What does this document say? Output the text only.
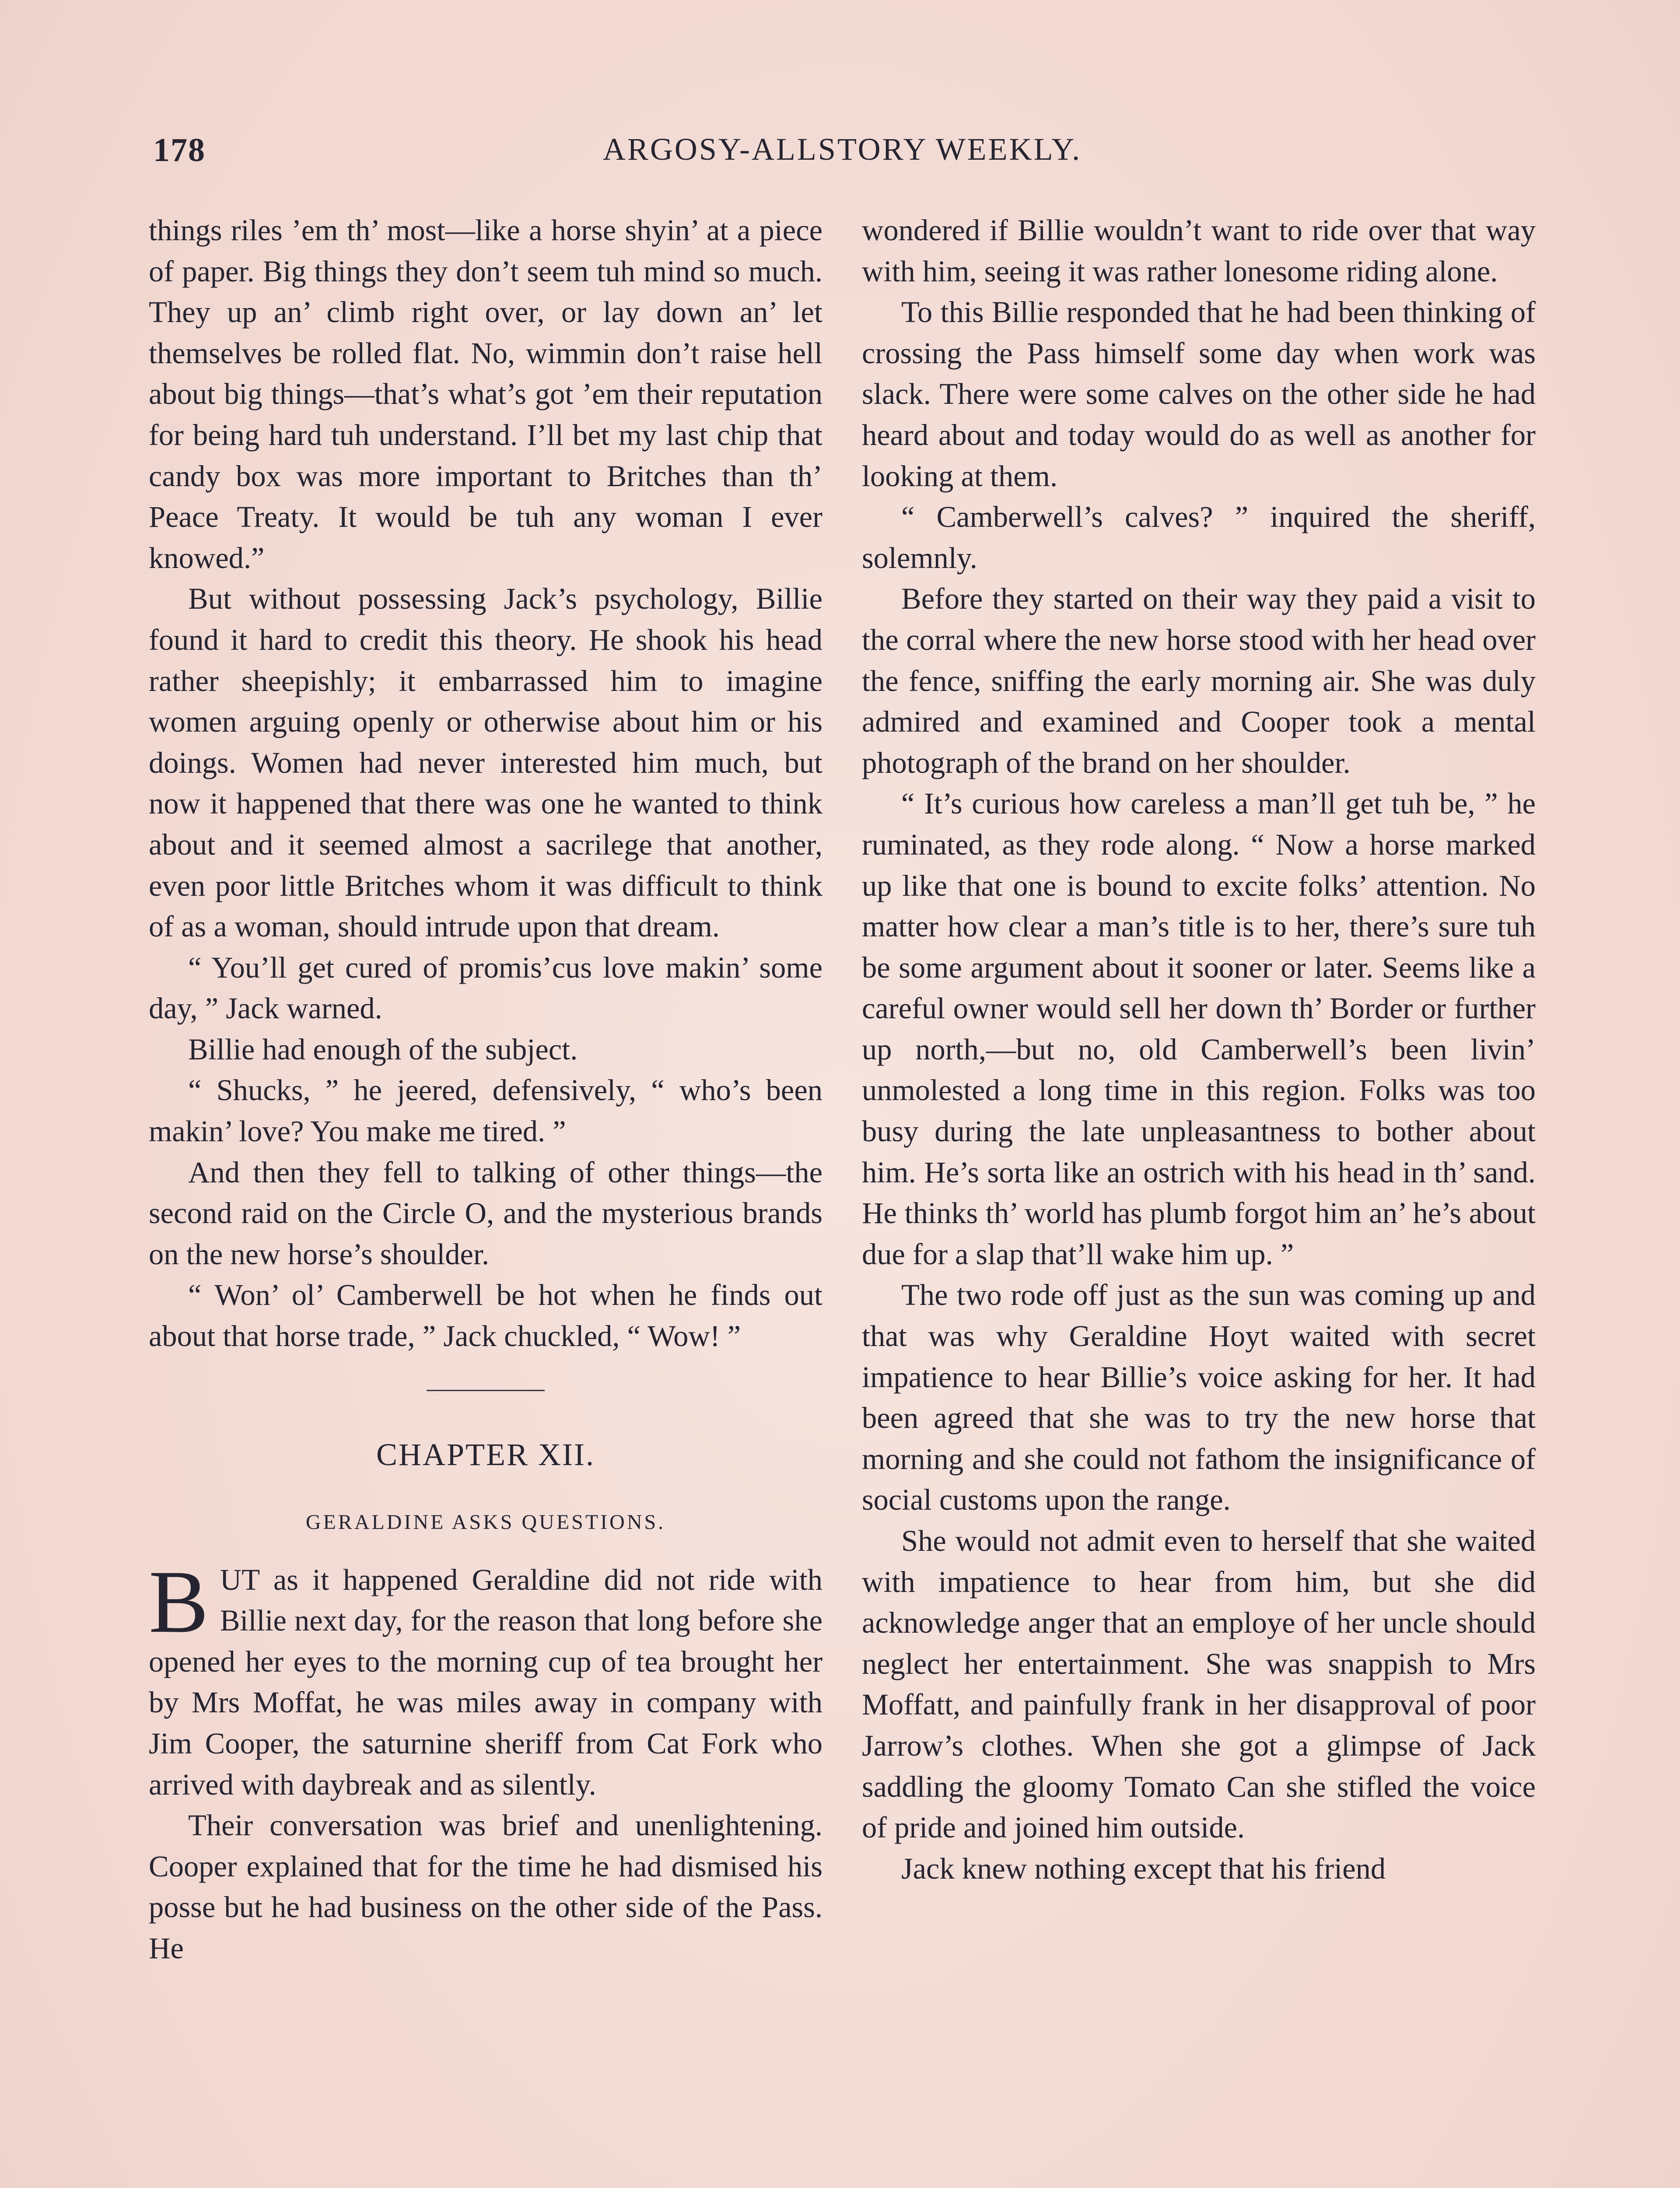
178	ARGOSY-ALLSTORY WEEKLY.

things riles ’em th’ most—like a horse shyin’ at a piece of paper. Big things they don’t seem tuh mind so much. They up an’ climb right over, or lay down an’ let themselves be rolled flat. No, wimmin don’t raise hell about big things—that’s what’s got ’em their reputation for being hard tuh understand. I’ll bet my last chip that candy box was more important to Britches than th’ Peace Treaty. It would be tuh any woman I ever knowed.”

But without possessing Jack’s psychology, Billie found it hard to credit this theory. He shook his head rather sheepishly; it embarrassed him to imagine women arguing openly or otherwise about him or his doings. Women had never interested him much, but now it happened that there was one he wanted to think about and it seemed almost a sacrilege that another, even poor little Britches whom it was difficult to think of as a woman, should intrude upon that dream.

“ You’ll get cured of promis’cus love makin’ some day, ” Jack warned.

Billie had enough of the subject.

“ Shucks, ” he jeered, defensively, “ who’s been makin’ love? You make me tired. ”

And then they fell to talking of other things—the second raid on the Circle O, and the mysterious brands on the new horse’s shoulder.

“ Won’ ol’ Camberwell be hot when he finds out about that horse trade, ” Jack chuckled, “ Wow! ”

CHAPTER XII.
GERALDINE ASKS QUESTIONS.

BUT as it happened Geraldine did not ride with Billie next day, for the reason that long before she opened her eyes to the morning cup of tea brought her by Mrs Moffat, he was miles away in company with Jim Cooper, the saturnine sheriff from Cat Fork who arrived with daybreak and as silently.

Their conversation was brief and unenlightening. Cooper explained that for the time he had dismised his posse but he had business on the other side of the Pass. He

wondered if Billie wouldn’t want to ride over that way with him, seeing it was rather lonesome riding alone.

To this Billie responded that he had been thinking of crossing the Pass himself some day when work was slack. There were some calves on the other side he had heard about and today would do as well as another for looking at them.

“ Camberwell’s calves? ” inquired the sheriff, solemnly.

Before they started on their way they paid a visit to the corral where the new horse stood with her head over the fence, sniffing the early morning air. She was duly admired and examined and Cooper took a mental photograph of the brand on her shoulder.

“ It’s curious how careless a man’ll get tuh be, ” he ruminated, as they rode along. “ Now a horse marked up like that one is bound to excite folks’ attention. No matter how clear a man’s title is to her, there’s sure tuh be some argument about it sooner or later. Seems like a careful owner would sell her down th’ Border or further up north,—but no, old Camberwell’s been livin’ unmolested a long time in this region. Folks was too busy during the late unpleasantness to bother about him. He’s sorta like an ostrich with his head in th’ sand. He thinks th’ world has plumb forgot him an’ he’s about due for a slap that’ll wake him up. ”

The two rode off just as the sun was coming up and that was why Geraldine Hoyt waited with secret impatience to hear Billie’s voice asking for her. It had been agreed that she was to try the new horse that morning and she could not fathom the insignificance of social customs upon the range.

She would not admit even to herself that she waited with impatience to hear from him, but she did acknowledge anger that an employe of her uncle should neglect her entertainment. She was snappish to Mrs Moffatt, and painfully frank in her disapproval of poor Jarrow’s clothes. When she got a glimpse of Jack saddling the gloomy Tomato Can she stifled the voice of pride and joined him outside.

Jack knew nothing except that his friend
